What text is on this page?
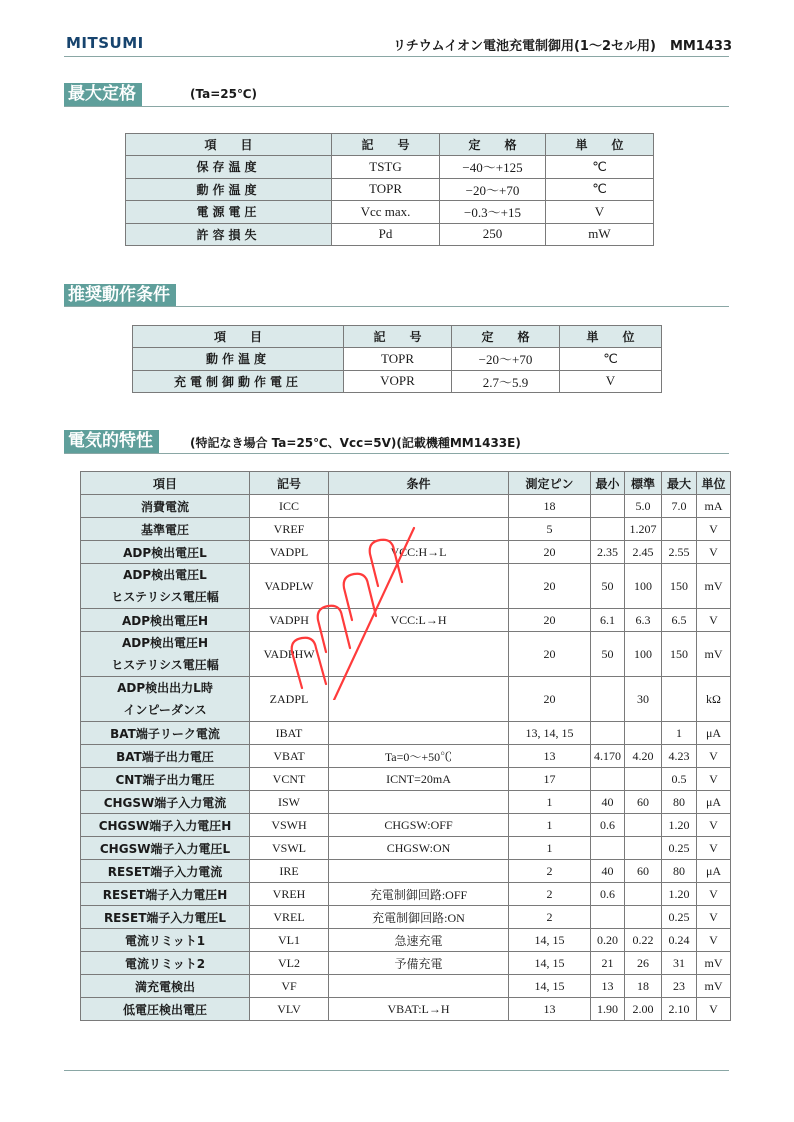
MITSUMI	リチウムイオン電池充電制御用(1〜2セル用) MM1433
最大定格	(Ta=25℃)
項　　目	記　　号	定　　格	単　　位
保存温度	TSTG	−40〜+125	℃
動作温度	TOPR	−20〜+70	℃
電源電圧	Vcc max.	−0.3〜+15	V
許容損失	Pd	250	mW
推奨動作条件
項　　目	記　　号	定　　格	単　　位
動作温度	TOPR	−20〜+70	℃
充電制御動作電圧	VOPR	2.7〜5.9	V
電気的特性	(特記なき場合 Ta=25℃、Vcc=5V)(記載機種MM1433E)
項目	記号	条件	測定ピン	最小	標準	最大	単位
消費電流	ICC		18		5.0	7.0	mA
基準電圧	VREF		5		1.207		V
ADP検出電圧L	VADPL	VCC:H→L	20	2.35	2.45	2.55	V
ADP検出電圧L
ヒステリシス電圧幅	VADPLW		20	50	100	150	mV
ADP検出電圧H	VADPH	VCC:L→H	20	6.1	6.3	6.5	V
ADP検出電圧H
ヒステリシス電圧幅	VADPHW		20	50	100	150	mV
ADP検出出力L時
インピーダンス	ZADPL		20		30		kΩ
BAT端子リーク電流	IBAT		13, 14, 15			1	μA
BAT端子出力電圧	VBAT	Ta=0〜+50℃	13	4.170	4.20	4.23	V
CNT端子出力電圧	VCNT	ICNT=20mA	17			0.5	V
CHGSW端子入力電流	ISW		1	40	60	80	μA
CHGSW端子入力電圧H	VSWH	CHGSW:OFF	1	0.6		1.20	V
CHGSW端子入力電圧L	VSWL	CHGSW:ON	1			0.25	V
RESET端子入力電流	IRE		2	40	60	80	μA
RESET端子入力電圧H	VREH	充電制御回路:OFF	2	0.6		1.20	V
RESET端子入力電圧L	VREL	充電制御回路:ON	2			0.25	V
電流リミット1	VL1	急速充電	14, 15	0.20	0.22	0.24	V
電流リミット2	VL2	予備充電	14, 15	21	26	31	mV
満充電検出	VF		14, 15	13	18	23	mV
低電圧検出電圧	VLV	VBAT:L→H	13	1.90	2.00	2.10	V
